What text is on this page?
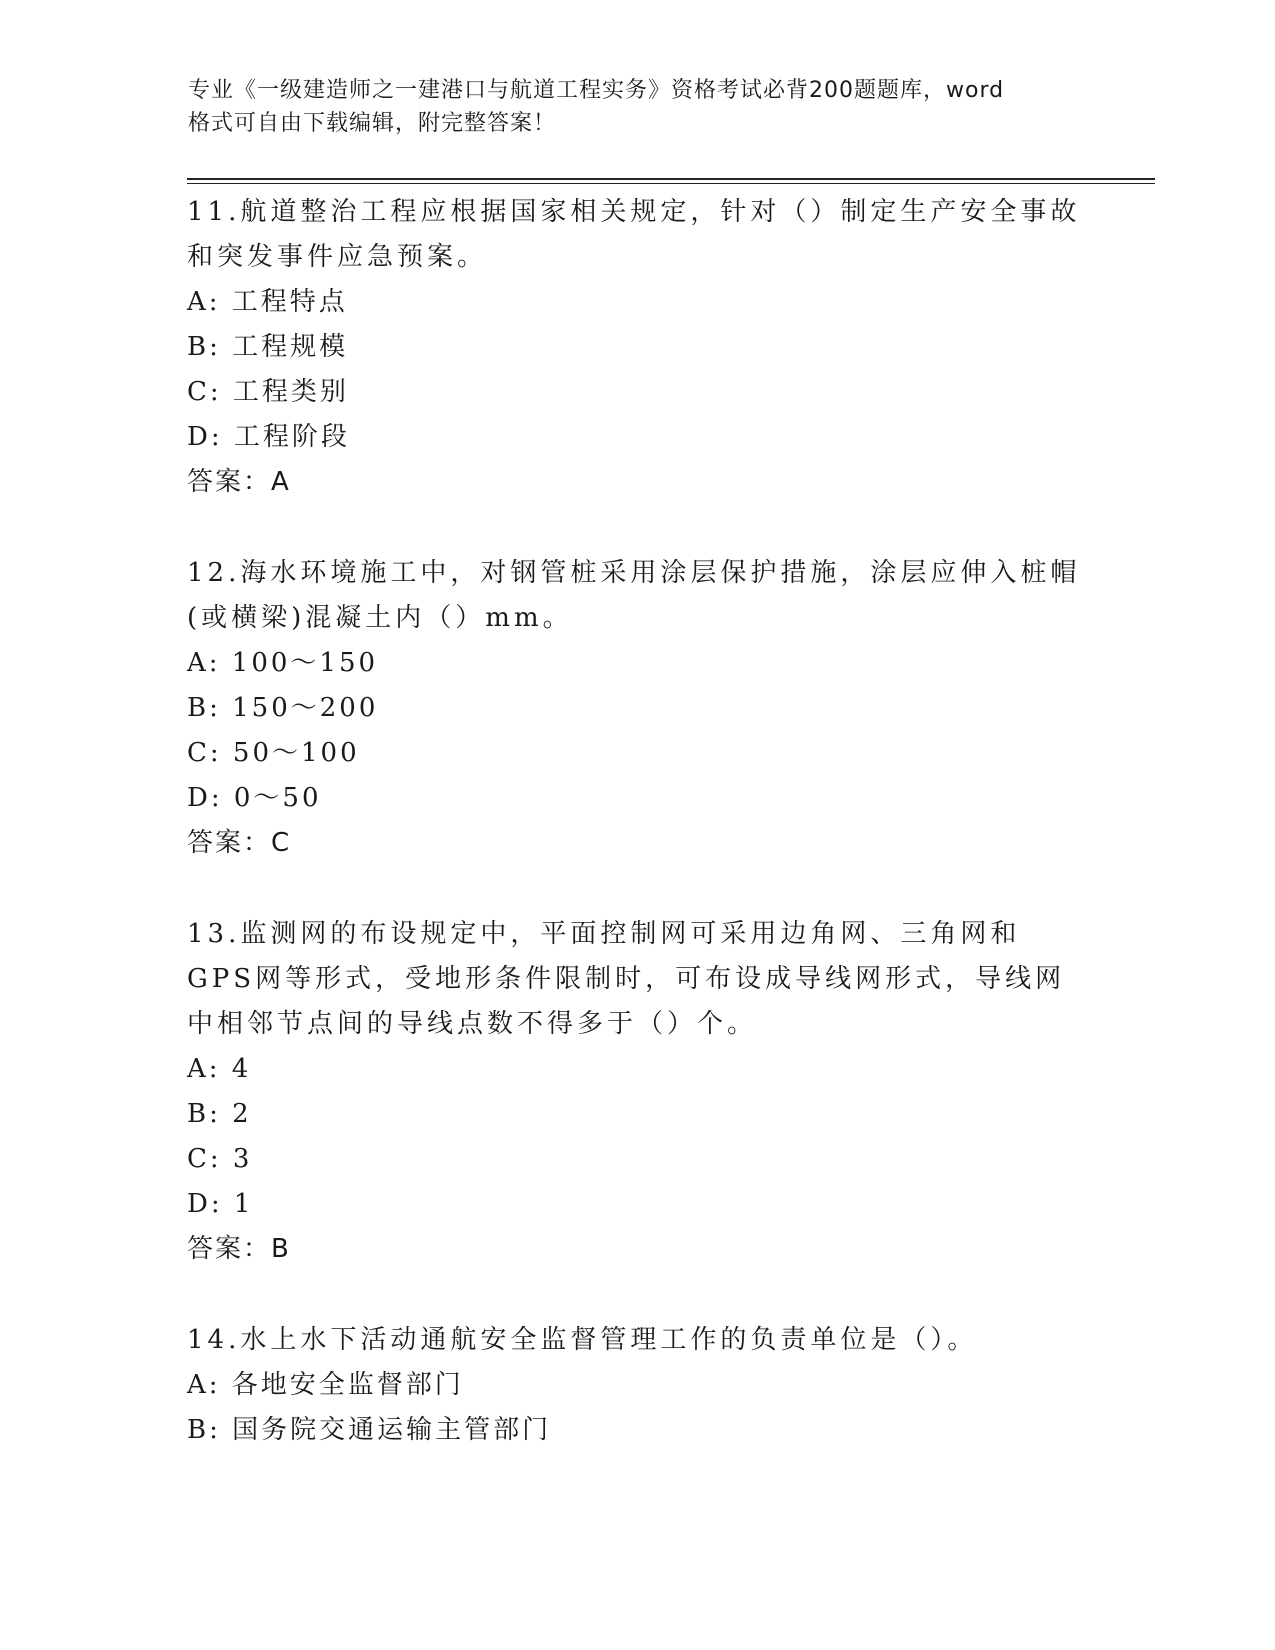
专业《一级建造师之一建港口与航道工程实务》资格考试必背200题题库，word
格式可自由下载编辑，附完整答案！

11.航道整治工程应根据国家相关规定，针对（）制定生产安全事故和突发事件应急预案。

A: 工程特点

B: 工程规模

C: 工程类别

D: 工程阶段

答案：A

12.海水环境施工中，对钢管桩采用涂层保护措施，涂层应伸入桩帽(或横梁)混凝土内（）mm。

A: 100～150

B: 150～200

C: 50～100

D: 0～50

答案：C

13.监测网的布设规定中，平面控制网可采用边角网、三角网和GPS网等形式，受地形条件限制时，可布设成导线网形式，导线网中相邻节点间的导线点数不得多于（）个。

A: 4

B: 2

C: 3

D: 1

答案：B

14.水上水下活动通航安全监督管理工作的负责单位是（）。

A: 各地安全监督部门

B: 国务院交通运输主管部门
